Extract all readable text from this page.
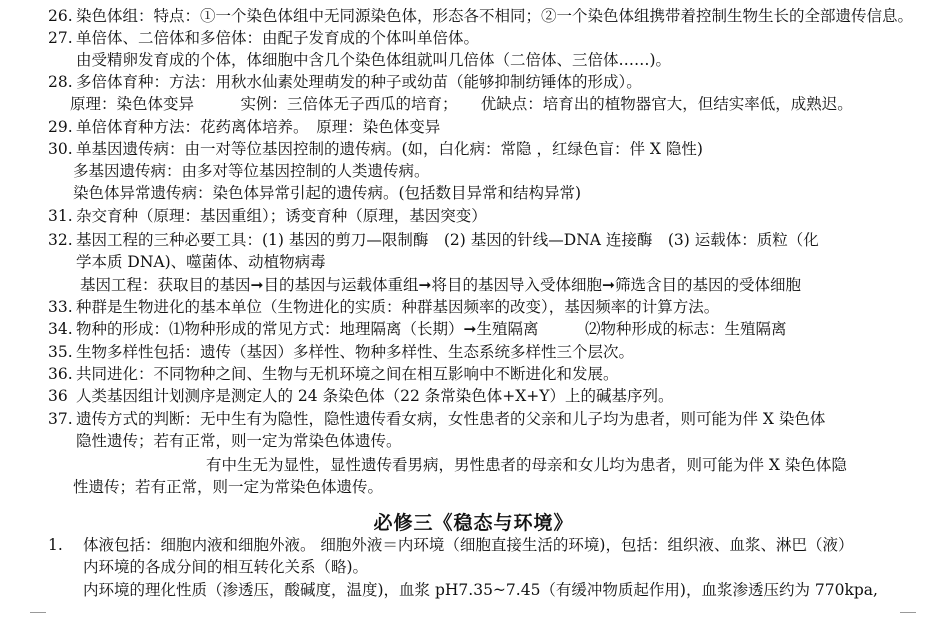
26. 染色体组：特点：①一个染色体组中无同源染色体，形态各不相同；②一个染色体组携带着控制生物生长的全部遗传信息。
27. 单倍体、二倍体和多倍体：由配子发育成的个体叫单倍体。
由受精卵发育成的个体，体细胞中含几个染色体组就叫几倍体（二倍体、三倍体……)。
28. 多倍体育种：方法：用秋水仙素处理萌发的种子或幼苗（能够抑制纺锤体的形成）。
原理：染色体变异　　　实例：三倍体无子西瓜的培育；　　优缺点：培育出的植物器官大，但结实率低，成熟迟。
29. 单倍体育种方法：花药离体培养。　原理：染色体变异
30. 单基因遗传病：由一对等位基因控制的遗传病。(如，白化病：常隐 ，红绿色盲：伴 X 隐性)
多基因遗传病：由多对等位基因控制的人类遗传病。
染色体异常遗传病：染色体异常引起的遗传病。(包括数目异常和结构异常)
31. 杂交育种（原理：基因重组）；诱变育种（原理，基因突变）
32. 基因工程的三种必要工具：(1) 基因的剪刀—限制酶　(2) 基因的针线—DNA 连接酶　(3) 运载体：质粒（化
学本质 DNA)、噬菌体、动植物病毒
基因工程：获取目的基因➞目的基因与运载体重组➞将目的基因导入受体细胞➞筛选含目的基因的受体细胞
33. 种群是生物进化的基本单位（生物进化的实质：种群基因频率的改变），基因频率的计算方法。
34. 物种的形成：⑴物种形成的常见方式：地理隔离（长期）➞生殖隔离　　　⑵物种形成的标志：生殖隔离
35. 生物多样性包括：遗传（基因）多样性、物种多样性、生态系统多样性三个层次。
36. 共同进化：不同物种之间、生物与无机环境之间在相互影响中不断进化和发展。
36 人类基因组计划测序是测定人的 24 条染色体（22 条常染色体+X+Y）上的碱基序列。
37. 遗传方式的判断：无中生有为隐性，隐性遗传看女病，女性患者的父亲和儿子均为患者，则可能为伴 X 染色体
隐性遗传；若有正常，则一定为常染色体遗传。
有中生无为显性，显性遗传看男病，男性患者的母亲和女儿均为患者，则可能为伴 X 染色体隐
性遗传；若有正常，则一定为常染色体遗传。
必修三《稳态与环境》
1.	体液包括：细胞内液和细胞外液。 细胞外液＝内环境（细胞直接生活的环境)，包括：组织液、血浆、淋巴（液）
内环境的各成分间的相互转化关系（略)。
内环境的理化性质（渗透压，酸碱度，温度)，血浆 pH7.35~7.45（有缓冲物质起作用)，血浆渗透压约为 770kpa,
